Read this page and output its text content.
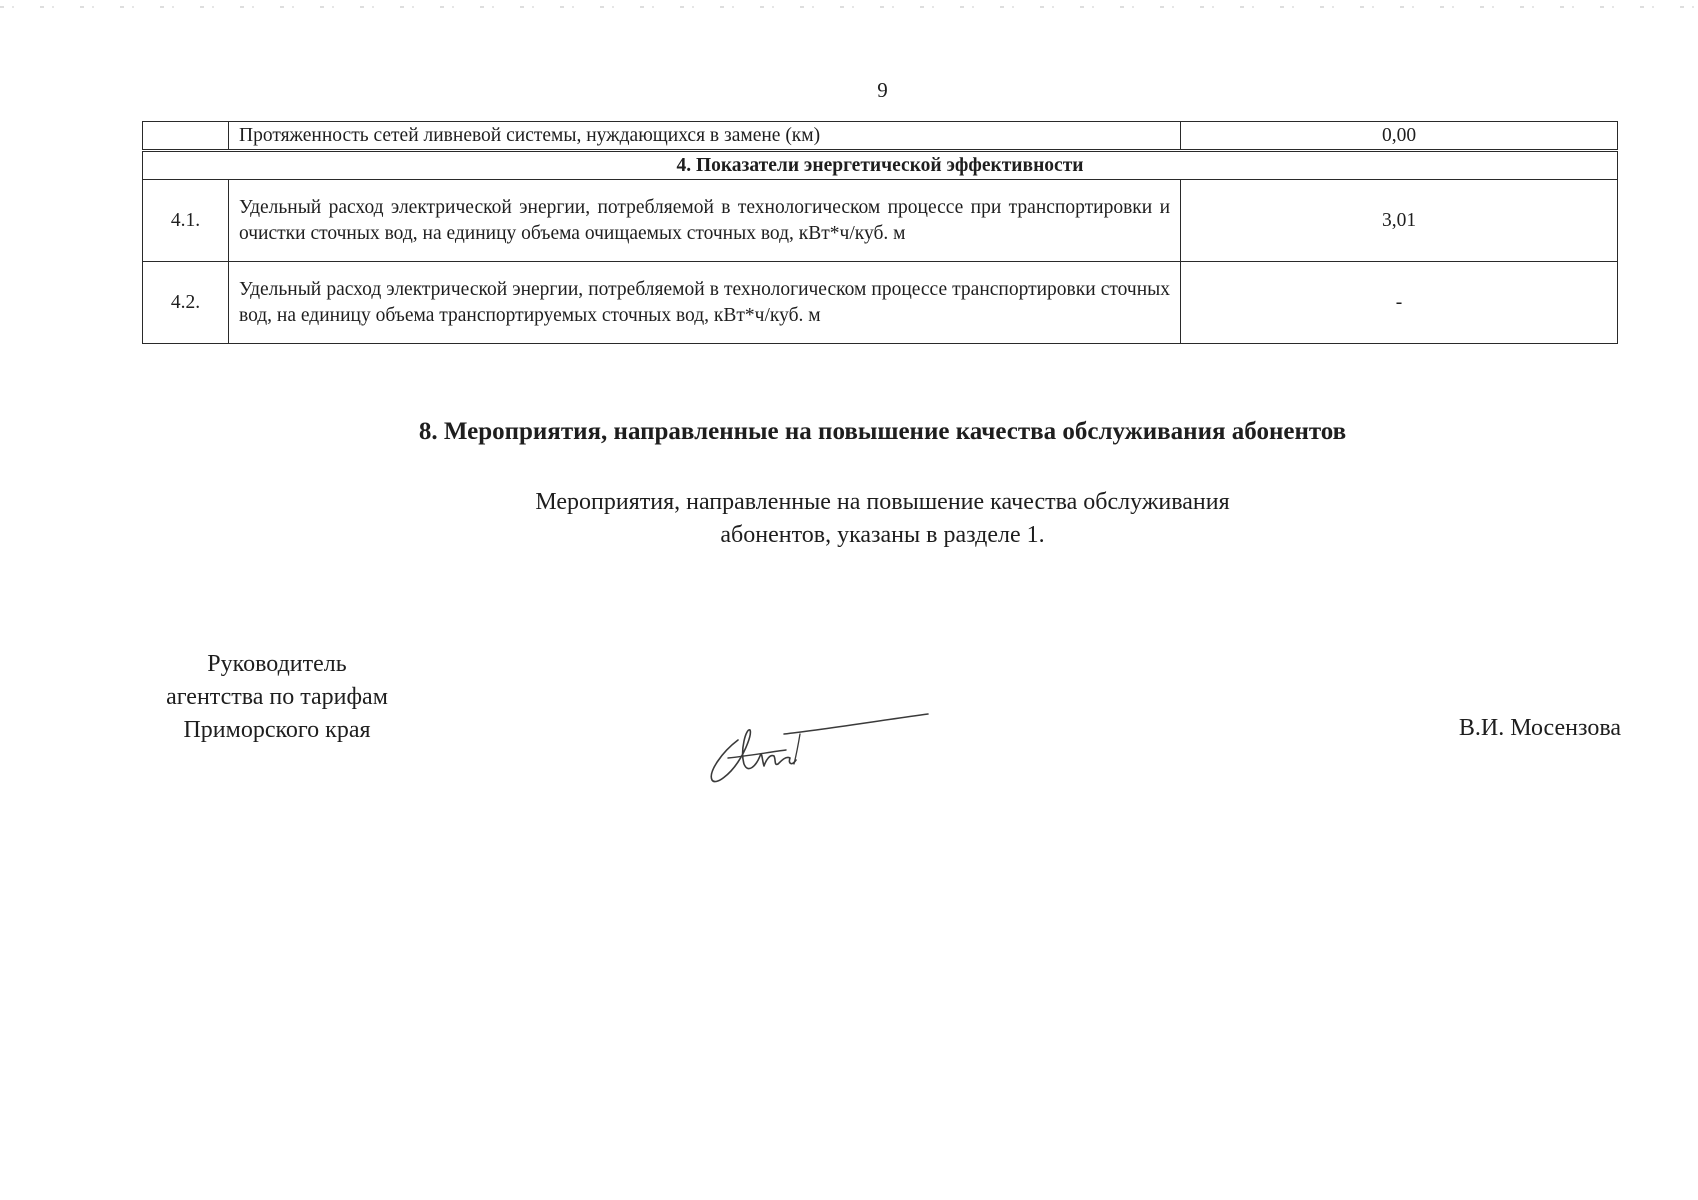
9
	Протяженность сетей ливневой системы, нуждающихся в замене (км)	0,00
4. Показатели энергетической эффективности		
4.1.	Удельный расход электрической энергии, потребляемой в технологическом процессе при транспортировки и очистки сточных вод, на единицу объема очищаемых сточных вод, кВт*ч/куб. м	3,01
4.2.	Удельный расход электрической энергии, потребляемой в технологическом процессе транспортировки сточных вод, на единицу объема транспортируемых сточных вод, кВт*ч/куб. м	-
8. Мероприятия, направленные на повышение качества обслуживания абонентов
Мероприятия, направленные на повышение качества обслуживания
абонентов, указаны в разделе 1.
Руководитель
агентства по тарифам
Приморского края	В.И. Мосензова
